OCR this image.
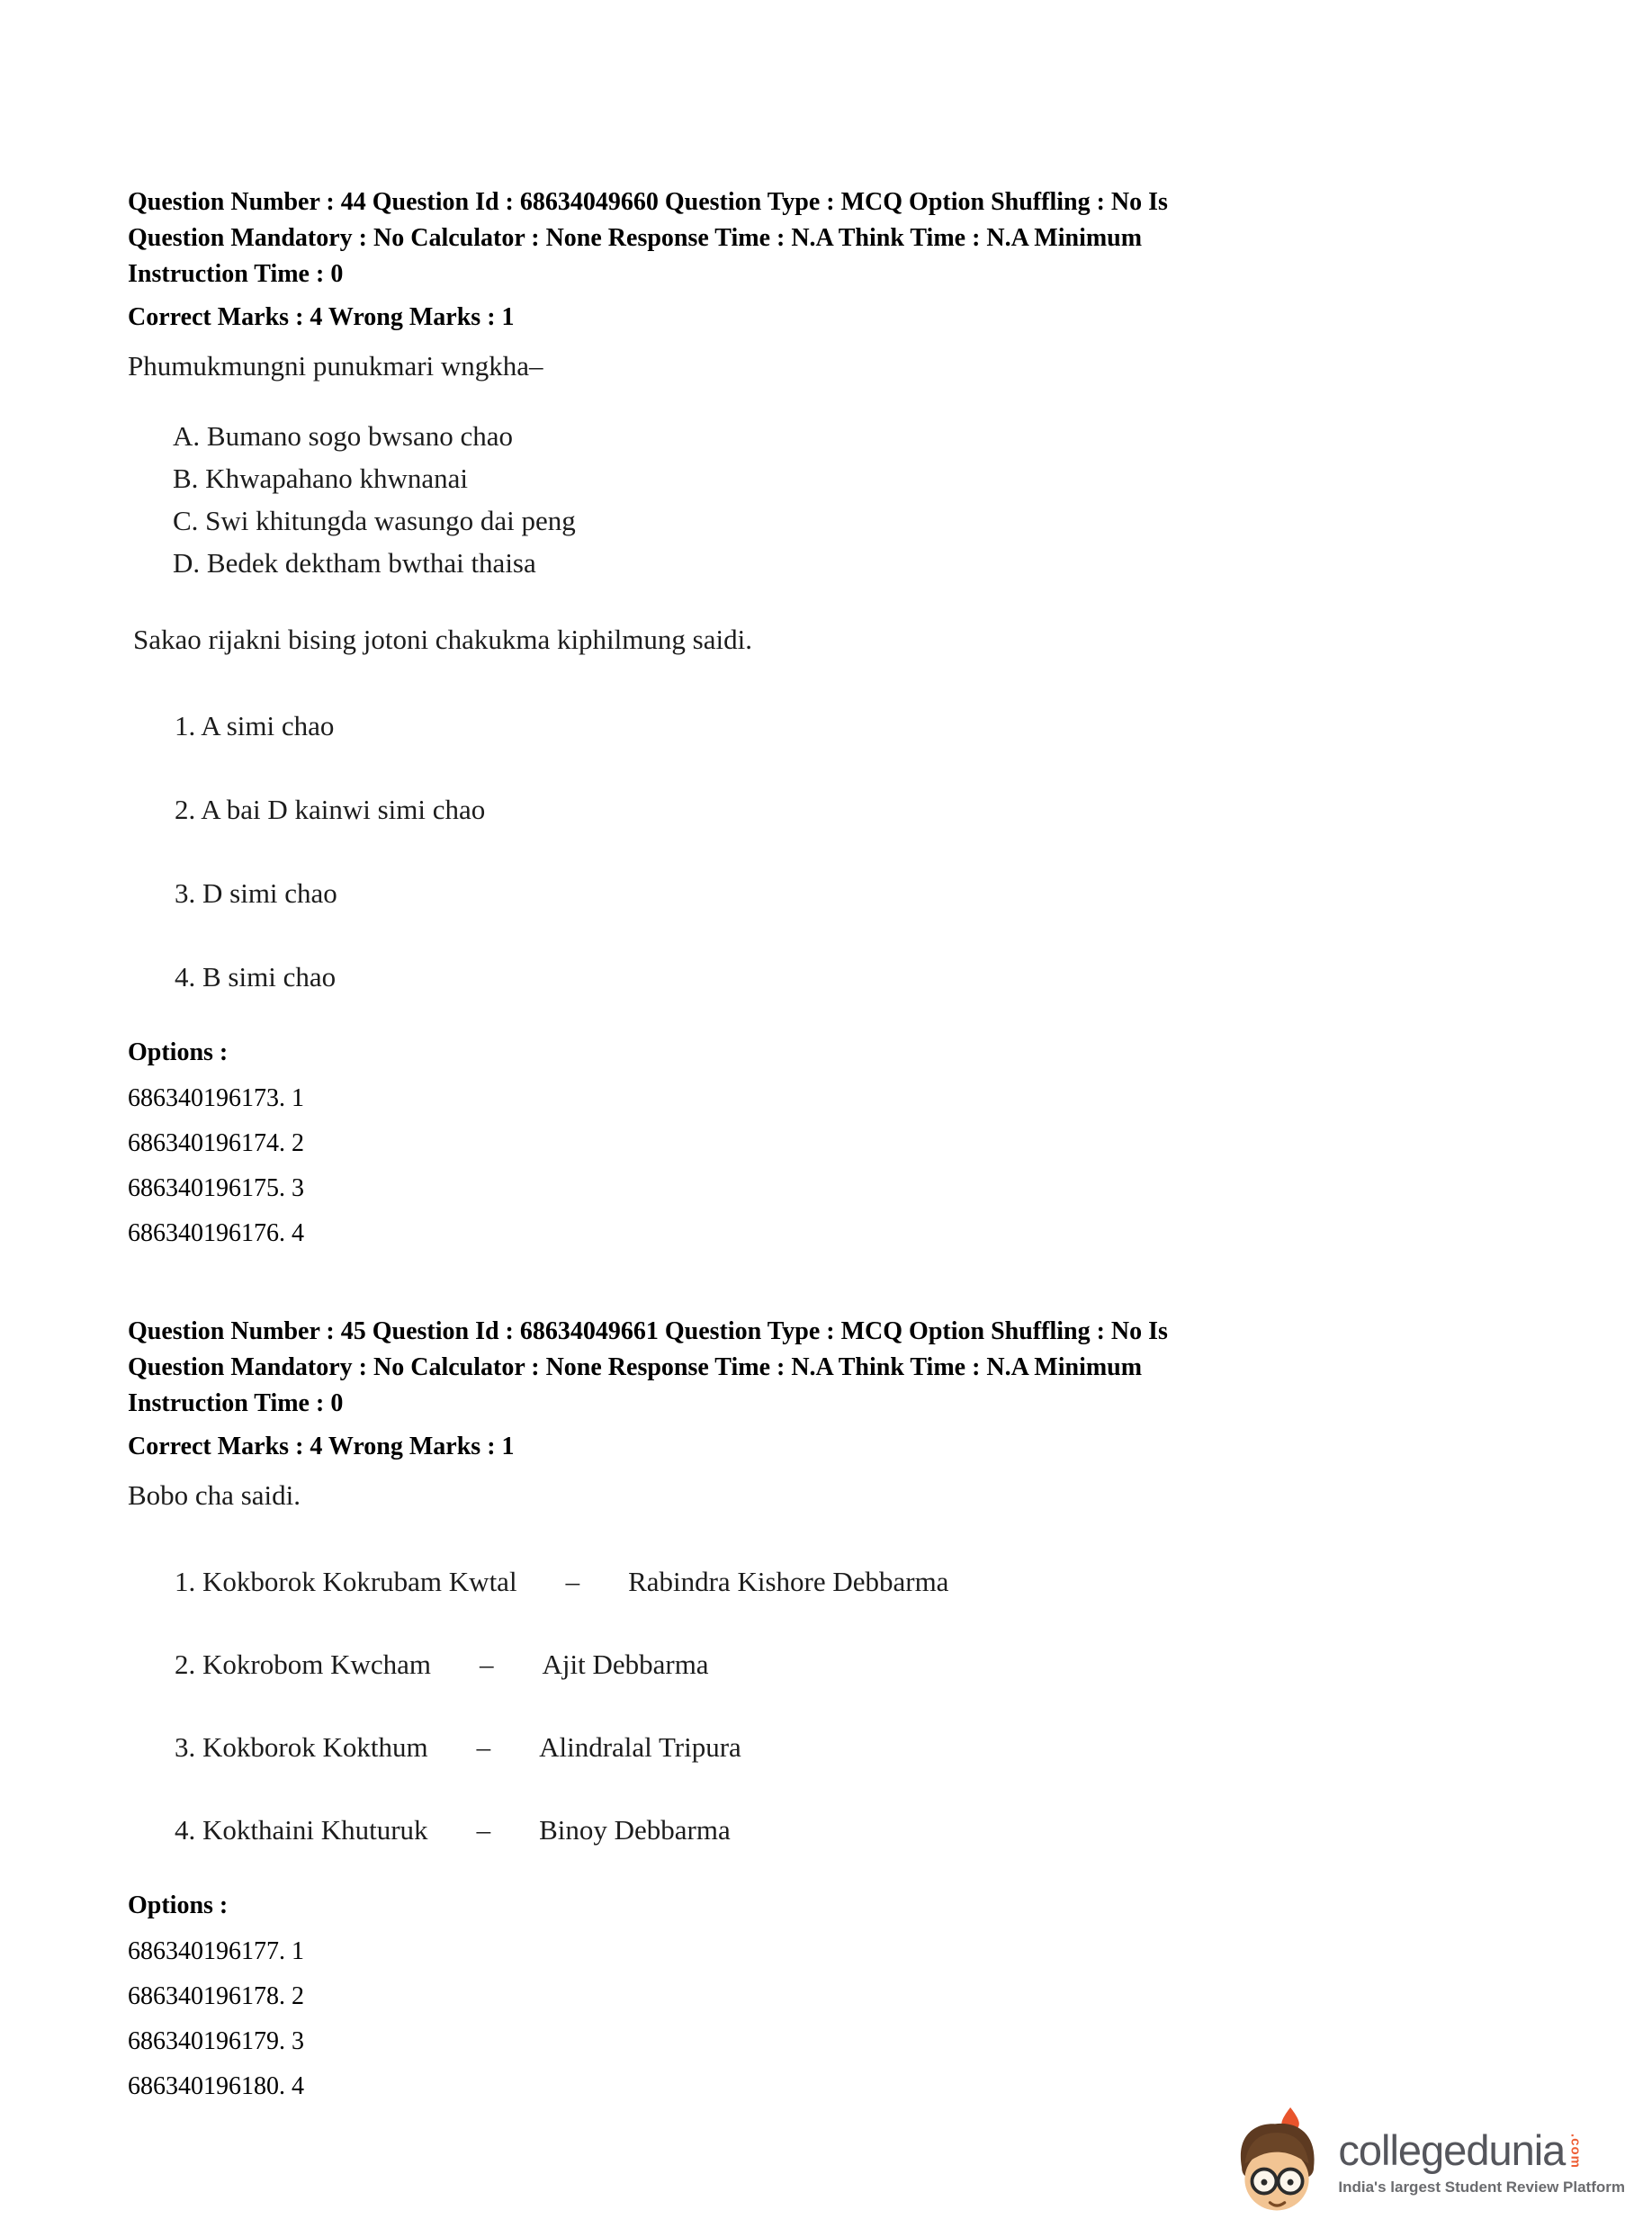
Question Number : 44 Question Id : 68634049660 Question Type : MCQ Option Shuffling : No Is
Question Mandatory : No Calculator : None Response Time : N.A Think Time : N.A Minimum
Instruction Time : 0
Correct Marks : 4 Wrong Marks : 1
Phumukmungni punukmari wngkha–
A. Bumano sogo bwsano chao
B. Khwapahano khwnanai
C. Swi khitungda wasungo dai peng
D. Bedek dektham bwthai thaisa
Sakao rijakni bising jotoni chakukma kiphilmung saidi.
1. A simi chao
2. A bai D kainwi simi chao
3. D simi chao
4. B simi chao
Options :
686340196173. 1
686340196174. 2
686340196175. 3
686340196176. 4
Question Number : 45 Question Id : 68634049661 Question Type : MCQ Option Shuffling : No Is
Question Mandatory : No Calculator : None Response Time : N.A Think Time : N.A Minimum
Instruction Time : 0
Correct Marks : 4 Wrong Marks : 1
Bobo cha saidi.
1. Kokborok Kokrubam Kwtal – Rabindra Kishore Debbarma
2. Kokrobom Kwcham – Ajit Debbarma
3. Kokborok Kokthum – Alindralal Tripura
4. Kokthaini Khuturuk – Binoy Debbarma
Options :
686340196177. 1
686340196178. 2
686340196179. 3
686340196180. 4
collegedunia .com
India's largest Student Review Platform
